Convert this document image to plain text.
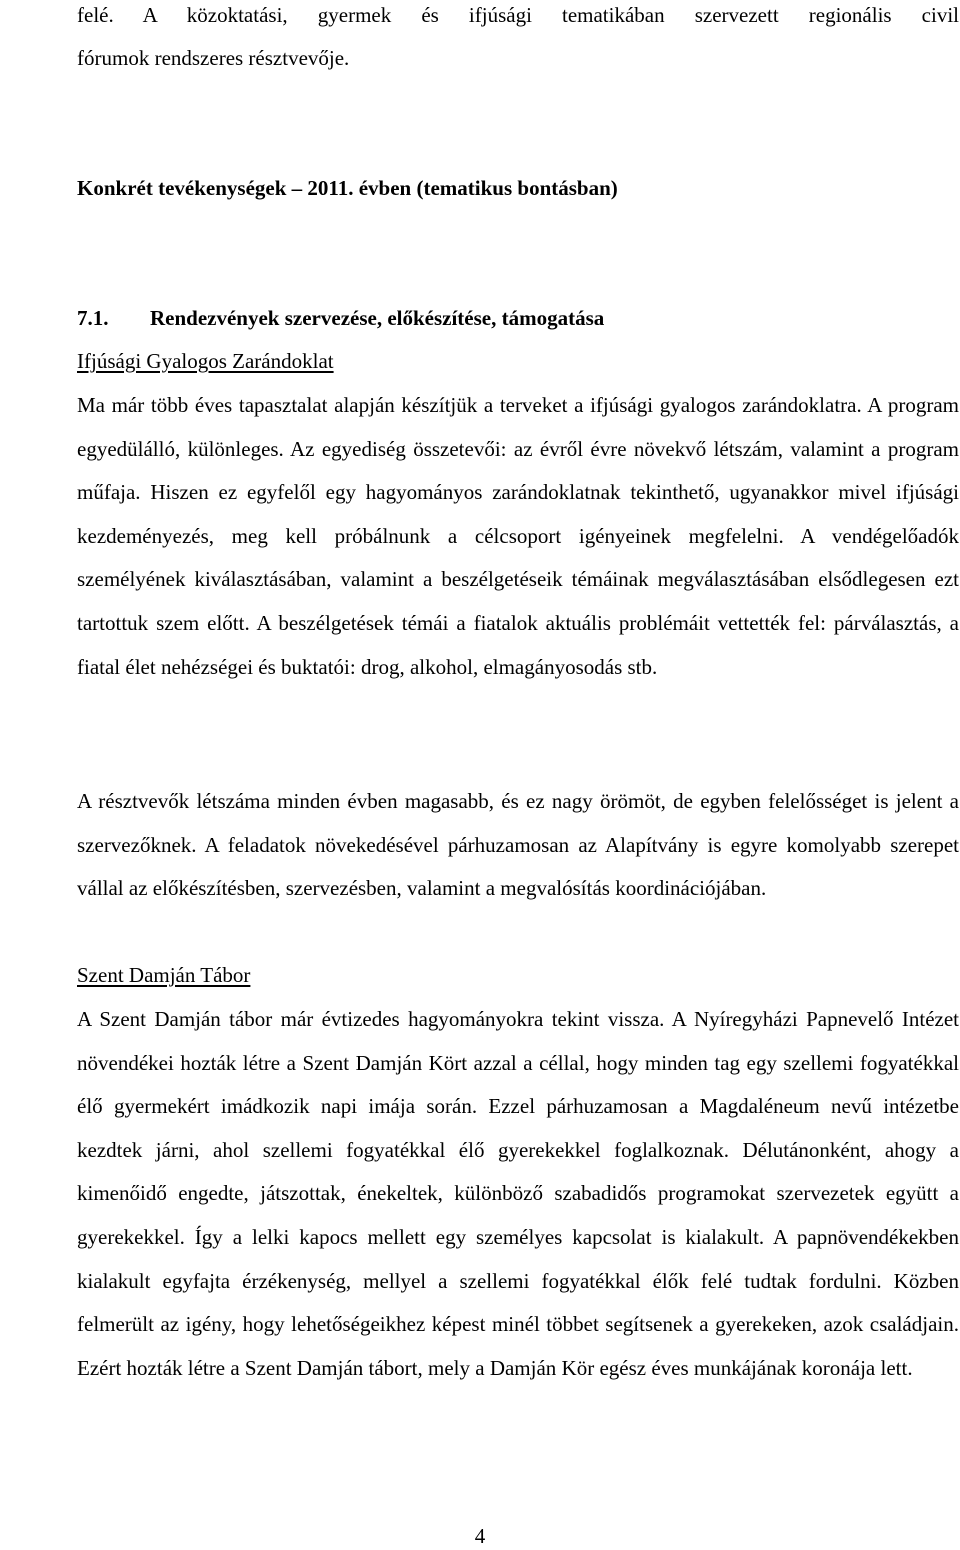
felé. A közoktatási, gyermek és ifjúsági tematikában szervezett regionális civil
fórumok rendszeres résztvevője.
Konkrét tevékenységek – 2011. évben (tematikus bontásban)
7.1. Rendezvények szervezése, előkészítése, támogatása
Ifjúsági Gyalogos Zarándoklat
Ma már több éves tapasztalat alapján készítjük a terveket a ifjúsági gyalogos zarándoklatra. A program egyedülálló, különleges. Az egyediség összetevői: az évről évre növekvő létszám, valamint a program műfaja. Hiszen ez egyfelől egy hagyományos zarándoklatnak tekinthető, ugyanakkor mivel ifjúsági kezdeményezés, meg kell próbálnunk a célcsoport igényeinek megfelelni. A vendégelőadók személyének kiválasztásában, valamint a beszélgetéseik témáinak megválasztásában elsődlegesen ezt tartottuk szem előtt. A beszélgetések témái a fiatalok aktuális problémáit vettették fel: párválasztás, a fiatal élet nehézségei és buktatói: drog, alkohol, elmagányosodás stb.
A résztvevők létszáma minden évben magasabb, és ez nagy örömöt, de egyben felelősséget is jelent a szervezőknek. A feladatok növekedésével párhuzamosan az Alapítvány is egyre komolyabb szerepet vállal az előkészítésben, szervezésben, valamint a megvalósítás koordinációjában.
Szent Damján Tábor
A Szent Damján tábor már évtizedes hagyományokra tekint vissza. A Nyíregyházi Papnevelő Intézet növendékei hozták létre a Szent Damján Kört azzal a céllal, hogy minden tag egy szellemi fogyatékkal élő gyermekért imádkozik napi imája során. Ezzel párhuzamosan a Magdaléneum nevű intézetbe kezdtek járni, ahol szellemi fogyatékkal élő gyerekekkel foglalkoznak. Délutánonként, ahogy a kimenőidő engedte, játszottak, énekeltek, különböző szabadidős programokat szervezetek együtt a gyerekekkel. Így a lelki kapocs mellett egy személyes kapcsolat is kialakult. A papnövendékekben kialakult egyfajta érzékenység, mellyel a szellemi fogyatékkal élők felé tudtak fordulni. Közben felmerült az igény, hogy lehetőségeikhez képest minél többet segítsenek a gyerekeken, azok családjain. Ezért hozták létre a Szent Damján tábort, mely a Damján Kör egész éves munkájának koronája lett.
4
